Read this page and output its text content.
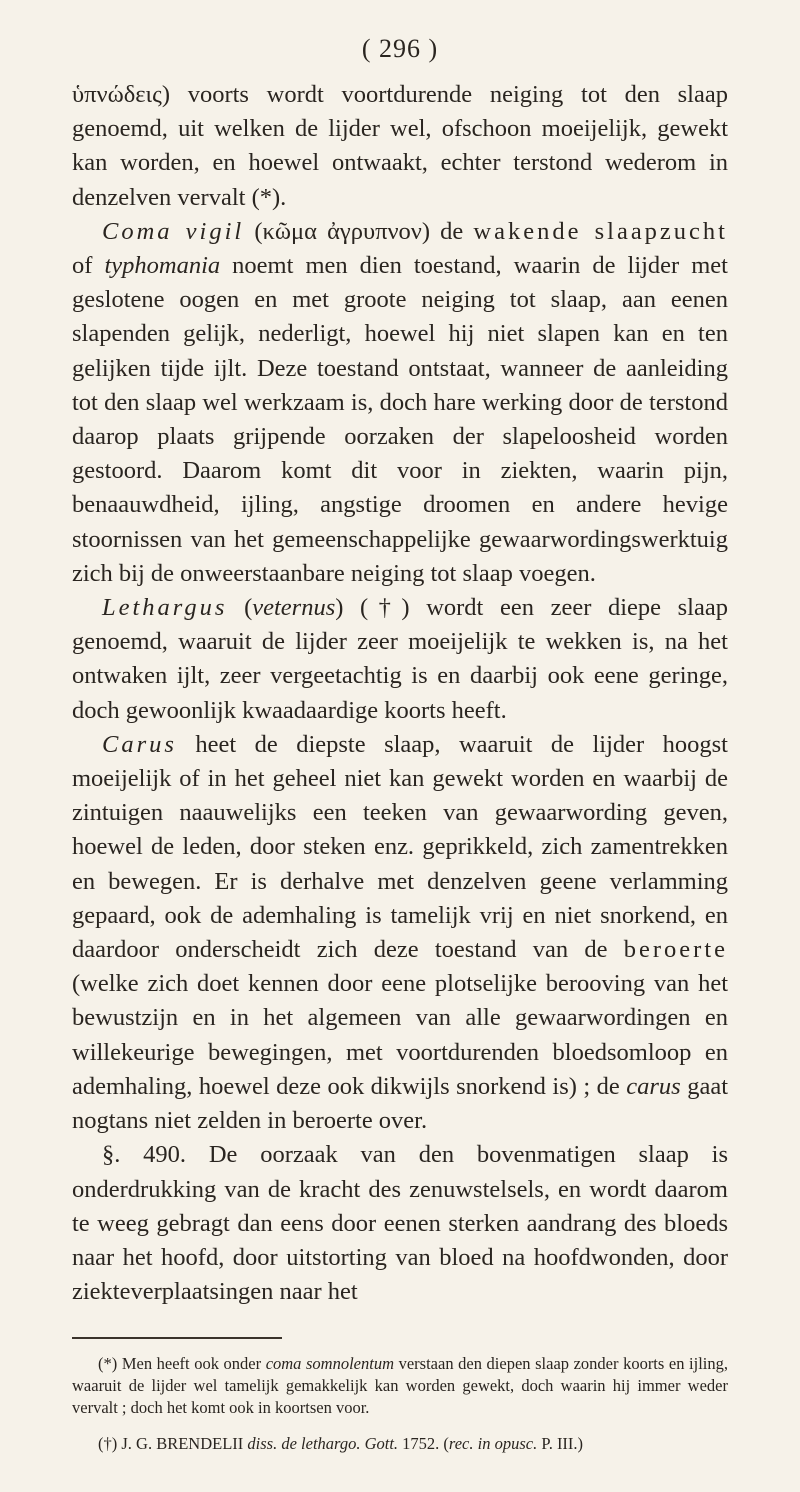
( 296 )

ὑπνώδεις) voorts wordt voortdurende neiging tot den slaap genoemd, uit welken de lijder wel, ofschoon moeijelijk, gewekt kan worden, en hoewel ontwaakt, echter terstond wederom in denzelven vervalt (*).

Coma vigil (κῶμα ἀγρυπνον) de wakende slaapzucht of typhomania noemt men dien toestand, waarin de lijder met geslotene oogen en met groote neiging tot slaap, aan eenen slapenden gelijk, nederligt, hoewel hij niet slapen kan en ten gelijken tijde ijlt. Deze toestand ontstaat, wanneer de aanleiding tot den slaap wel werkzaam is, doch hare werking door de terstond daarop plaats grijpende oorzaken der slapeloosheid worden gestoord. Daarom komt dit voor in ziekten, waarin pijn, benaauwdheid, ijling, angstige droomen en andere hevige stoornissen van het gemeenschappelijke gewaarwordingswerktuig zich bij de onweerstaanbare neiging tot slaap voegen.

Lethargus (veternus) (†) wordt een zeer diepe slaap genoemd, waaruit de lijder zeer moeijelijk te wekken is, na het ontwaken ijlt, zeer vergeetachtig is en daarbij ook eene geringe, doch gewoonlijk kwaadaardige koorts heeft.

Carus heet de diepste slaap, waaruit de lijder hoogst moeijelijk of in het geheel niet kan gewekt worden en waarbij de zintuigen naauwelijks een teeken van gewaarwording geven, hoewel de leden, door steken enz. geprikkeld, zich zamentrekken en bewegen. Er is derhalve met denzelven geene verlamming gepaard, ook de ademhaling is tamelijk vrij en niet snorkend, en daardoor onderscheidt zich deze toestand van de beroerte (welke zich doet kennen door eene plotselijke berooving van het bewustzijn en in het algemeen van alle gewaarwordingen en willekeurige bewegingen, met voortdurenden bloedsomloop en ademhaling, hoewel deze ook dikwijls snorkend is) ; de carus gaat nogtans niet zelden in beroerte over.

§. 490. De oorzaak van den bovenmatigen slaap is onderdrukking van de kracht des zenuwstelsels, en wordt daarom te weeg gebragt dan eens door eenen sterken aandrang des bloeds naar het hoofd, door uitstorting van bloed na hoofdwonden, door ziekteverplaatsingen naar het

(*) Men heeft ook onder coma somnolentum verstaan den diepen slaap zonder koorts en ijling, waaruit de lijder wel tamelijk gemakkelijk kan worden gewekt, doch waarin hij immer weder vervalt ; doch het komt ook in koortsen voor.

(†) J. G. BRENDELII diss. de lethargo. Gott. 1752. (rec. in opusc. P. III.)
